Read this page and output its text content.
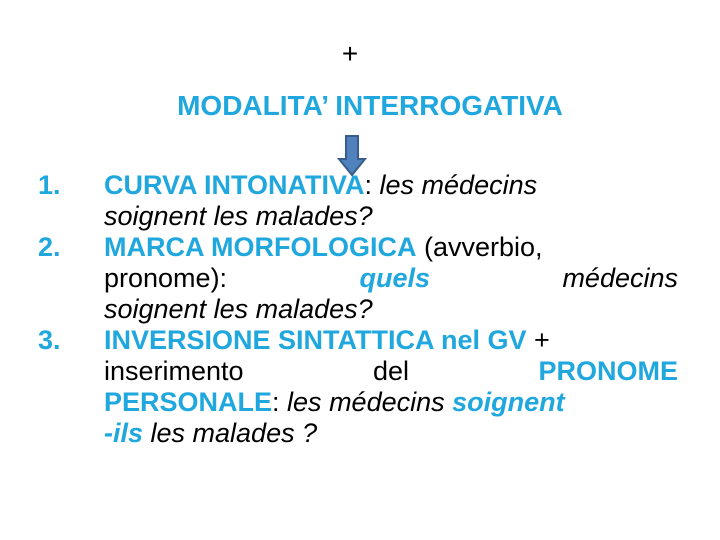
+
MODALITA’ INTERROGATIVA
1.	CURVA INTONATIVA: les médecins
soignent les malades?
2.	MARCA MORFOLOGICA (avverbio,
pronome):	quels	médecins
soignent les malades?
3.	INVERSIONE SINTATTICA nel GV +
inserimento	del	PRONOME
PERSONALE: les médecins soignent
-ils les malades ?
